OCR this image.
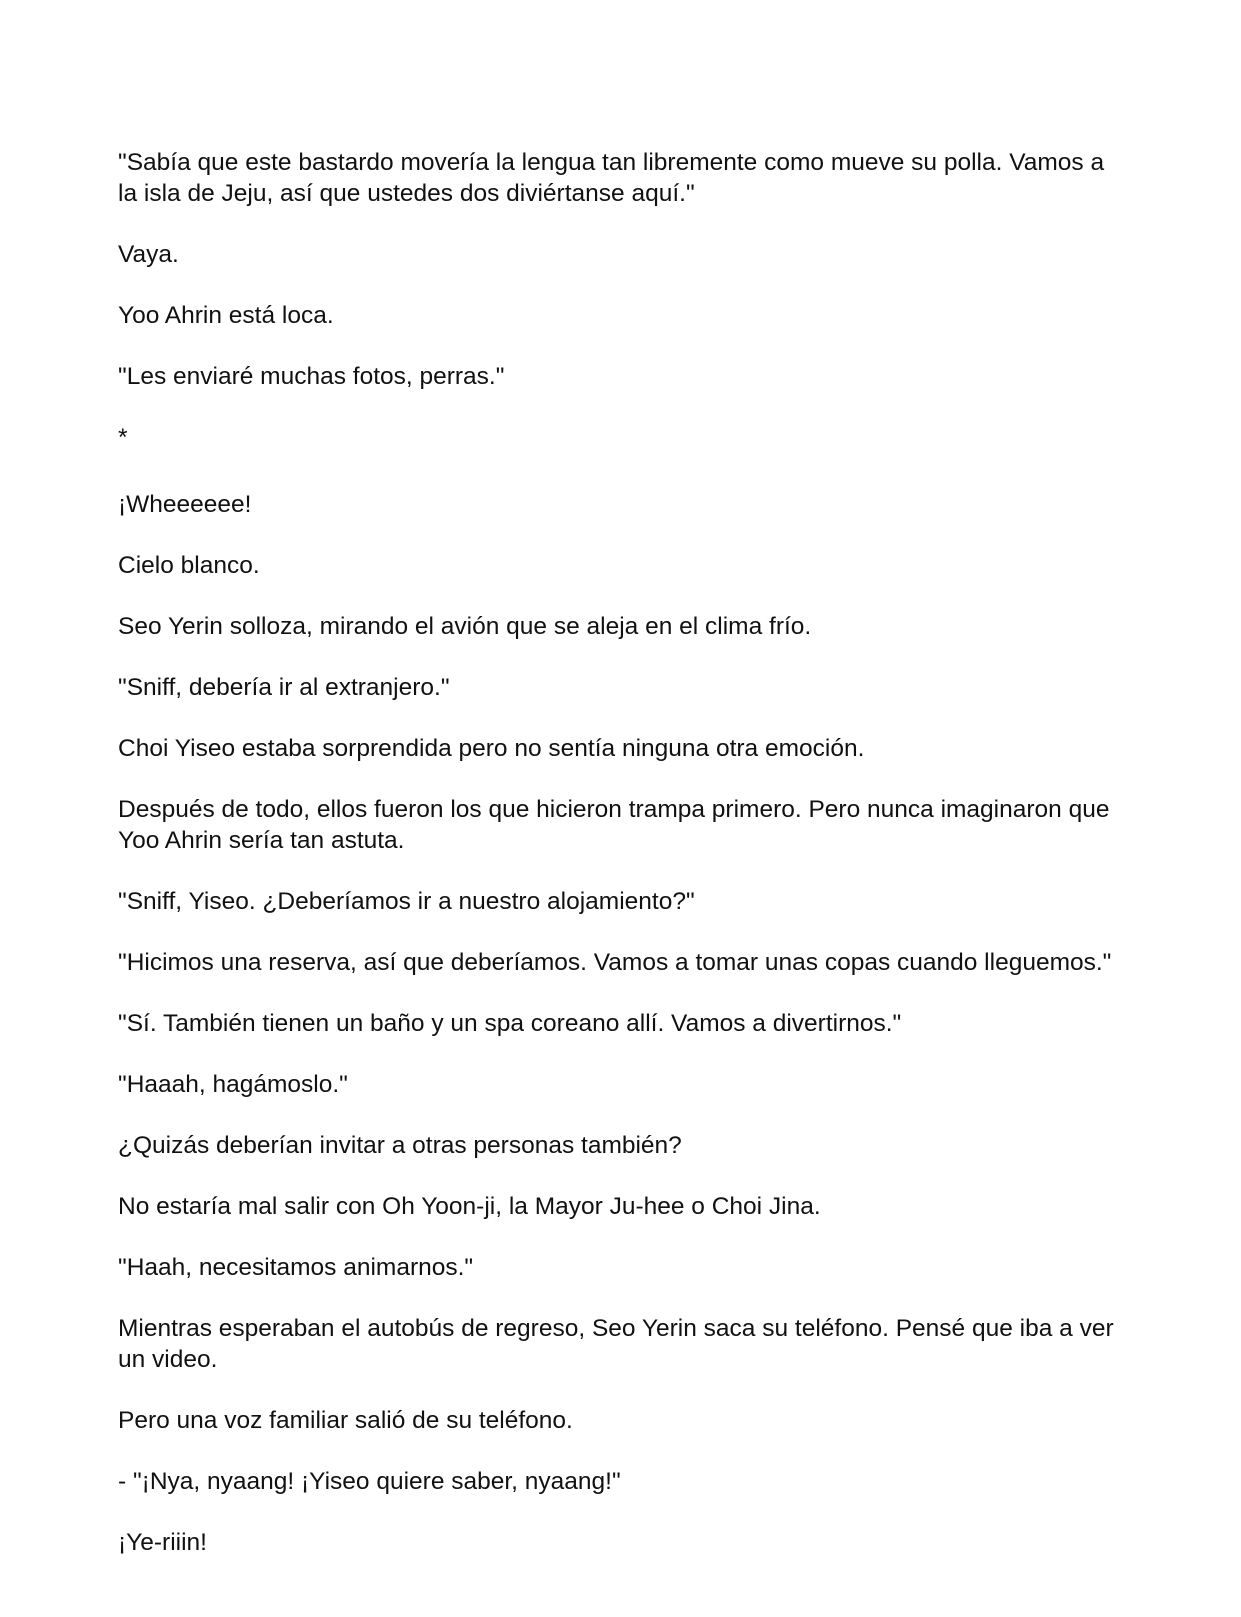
"Sabía que este bastardo movería la lengua tan libremente como mueve su polla. Vamos a la isla de Jeju, así que ustedes dos diviértanse aquí."

Vaya.

Yoo Ahrin está loca.

"Les enviaré muchas fotos, perras."

*

¡Wheeeeee!

Cielo blanco.

Seo Yerin solloza, mirando el avión que se aleja en el clima frío.

"Sniff, debería ir al extranjero."

Choi Yiseo estaba sorprendida pero no sentía ninguna otra emoción.

Después de todo, ellos fueron los que hicieron trampa primero. Pero nunca imaginaron que Yoo Ahrin sería tan astuta.

"Sniff, Yiseo. ¿Deberíamos ir a nuestro alojamiento?"

"Hicimos una reserva, así que deberíamos. Vamos a tomar unas copas cuando lleguemos."

"Sí. También tienen un baño y un spa coreano allí. Vamos a divertirnos."

"Haaah, hagámoslo."

¿Quizás deberían invitar a otras personas también?

No estaría mal salir con Oh Yoon-ji, la Mayor Ju-hee o Choi Jina.

"Haah, necesitamos animarnos."

Mientras esperaban el autobús de regreso, Seo Yerin saca su teléfono. Pensé que iba a ver un video.

Pero una voz familiar salió de su teléfono.

- "¡Nya, nyaang! ¡Yiseo quiere saber, nyaang!"

¡Ye-riiin!
